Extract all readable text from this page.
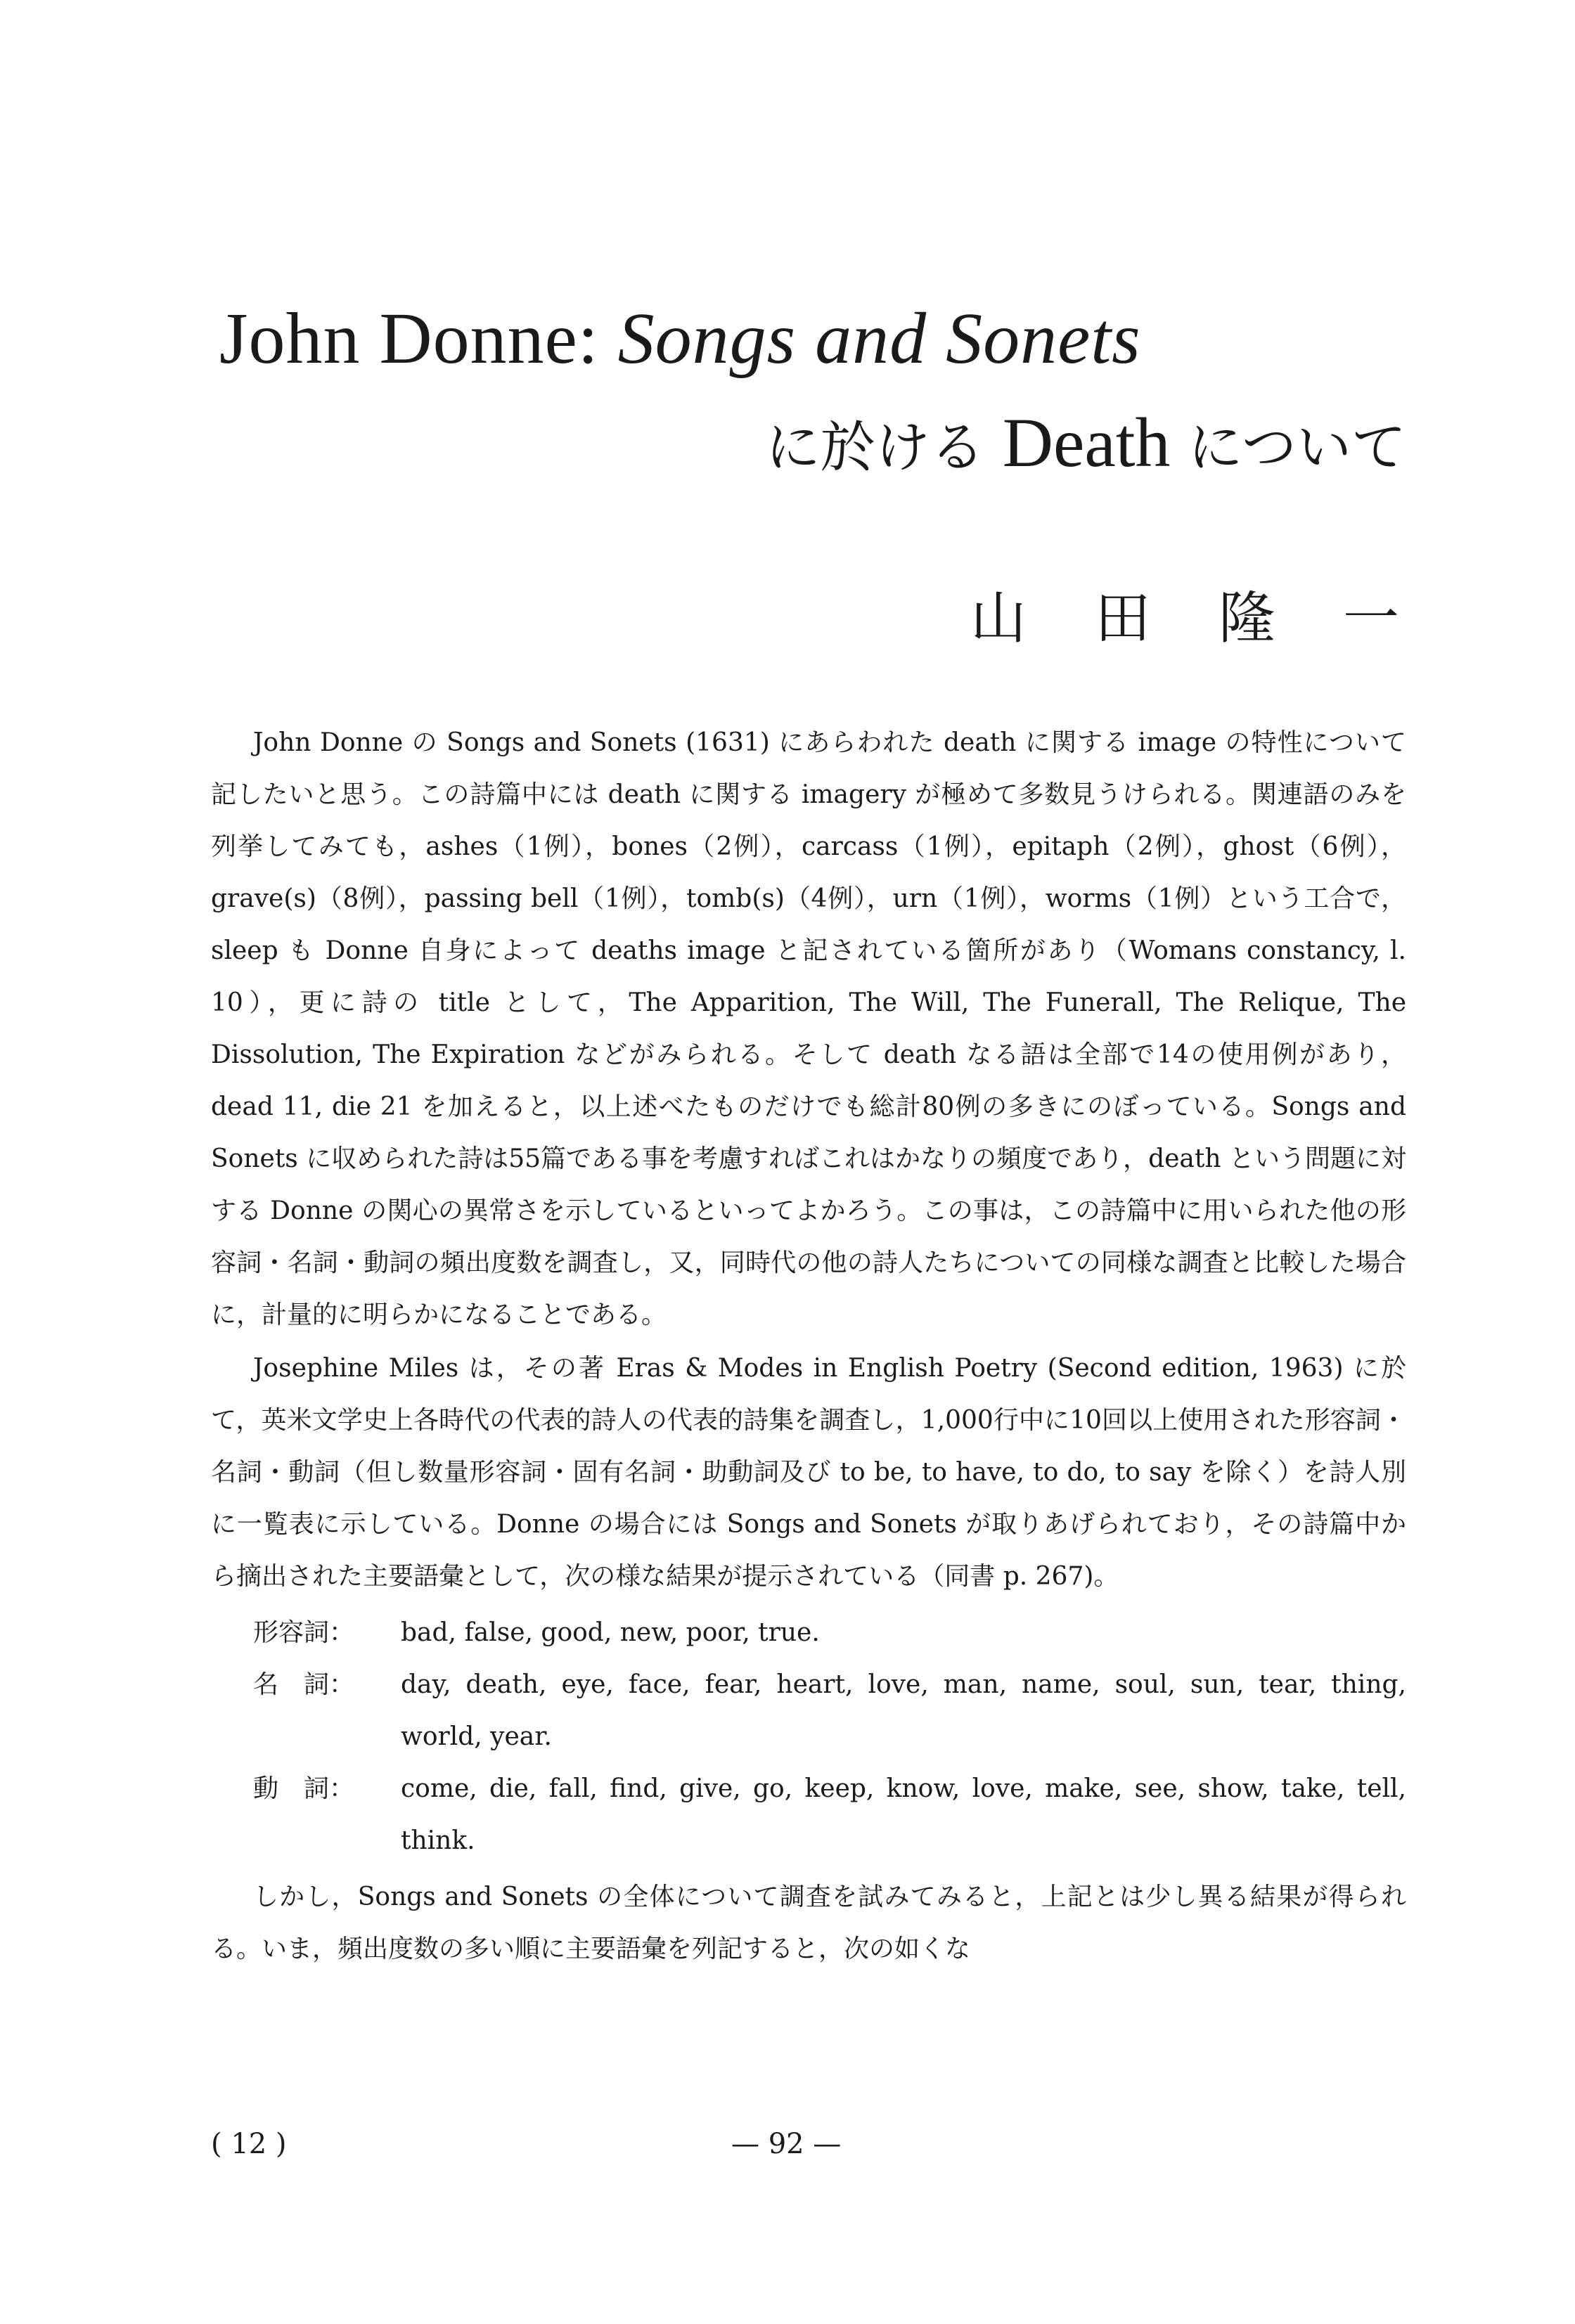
John Donne: Songs and Sonets
に於ける Death について
山 田 隆 一

John Donne の Songs and Sonets (1631) にあらわれた death に関する image の特性について記したいと思う。この詩篇中には death に関する imagery が極めて多数見うけられる。関連語のみを列挙してみても，ashes（1例），bones（2例），carcass（1例），epitaph（2例），ghost（6例），grave(s)（8例），passing bell（1例），tomb(s)（4例），urn（1例），worms（1例）という工合で，sleep も Donne 自身によって deaths image と記されている箇所があり（Womans constancy, l. 10），更に詩の title として，The Apparition, The Will, The Funerall, The Relique, The Dissolution, The Expiration などがみられる。そして death なる語は全部で14の使用例があり，dead 11, die 21 を加えると，以上述べたものだけでも総計80例の多きにのぼっている。Songs and Sonets に収められた詩は55篇である事を考慮すればこれはかなりの頻度であり，death という問題に対する Donne の関心の異常さを示しているといってよかろう。この事は，この詩篇中に用いられた他の形容詞・名詞・動詞の頻出度数を調査し，又，同時代の他の詩人たちについての同様な調査と比較した場合に，計量的に明らかになることである。

Josephine Miles は，その著 Eras & Modes in English Poetry (Second edition, 1963) に於て，英米文学史上各時代の代表的詩人の代表的詩集を調査し，1,000行中に10回以上使用された形容詞・名詞・動詞（但し数量形容詞・固有名詞・助動詞及び to be, to have, to do, to say を除く）を詩人別に一覧表に示している。Donne の場合には Songs and Sonets が取りあげられており，その詩篇中から摘出された主要語彙として，次の様な結果が提示されている（同書 p. 267)。

形容詞：	bad, false, good, new, poor, true.
名　詞：	day, death, eye, face, fear, heart, love, man, name, soul, sun, tear, thing, world, year.
動　詞：	come, die, fall, find, give, go, keep, know, love, make, see, show, take, tell, think.

しかし，Songs and Sonets の全体について調査を試みてみると，上記とは少し異る結果が得られる。いま，頻出度数の多い順に主要語彙を列記すると，次の如くな

( 12 )	— 92 —
